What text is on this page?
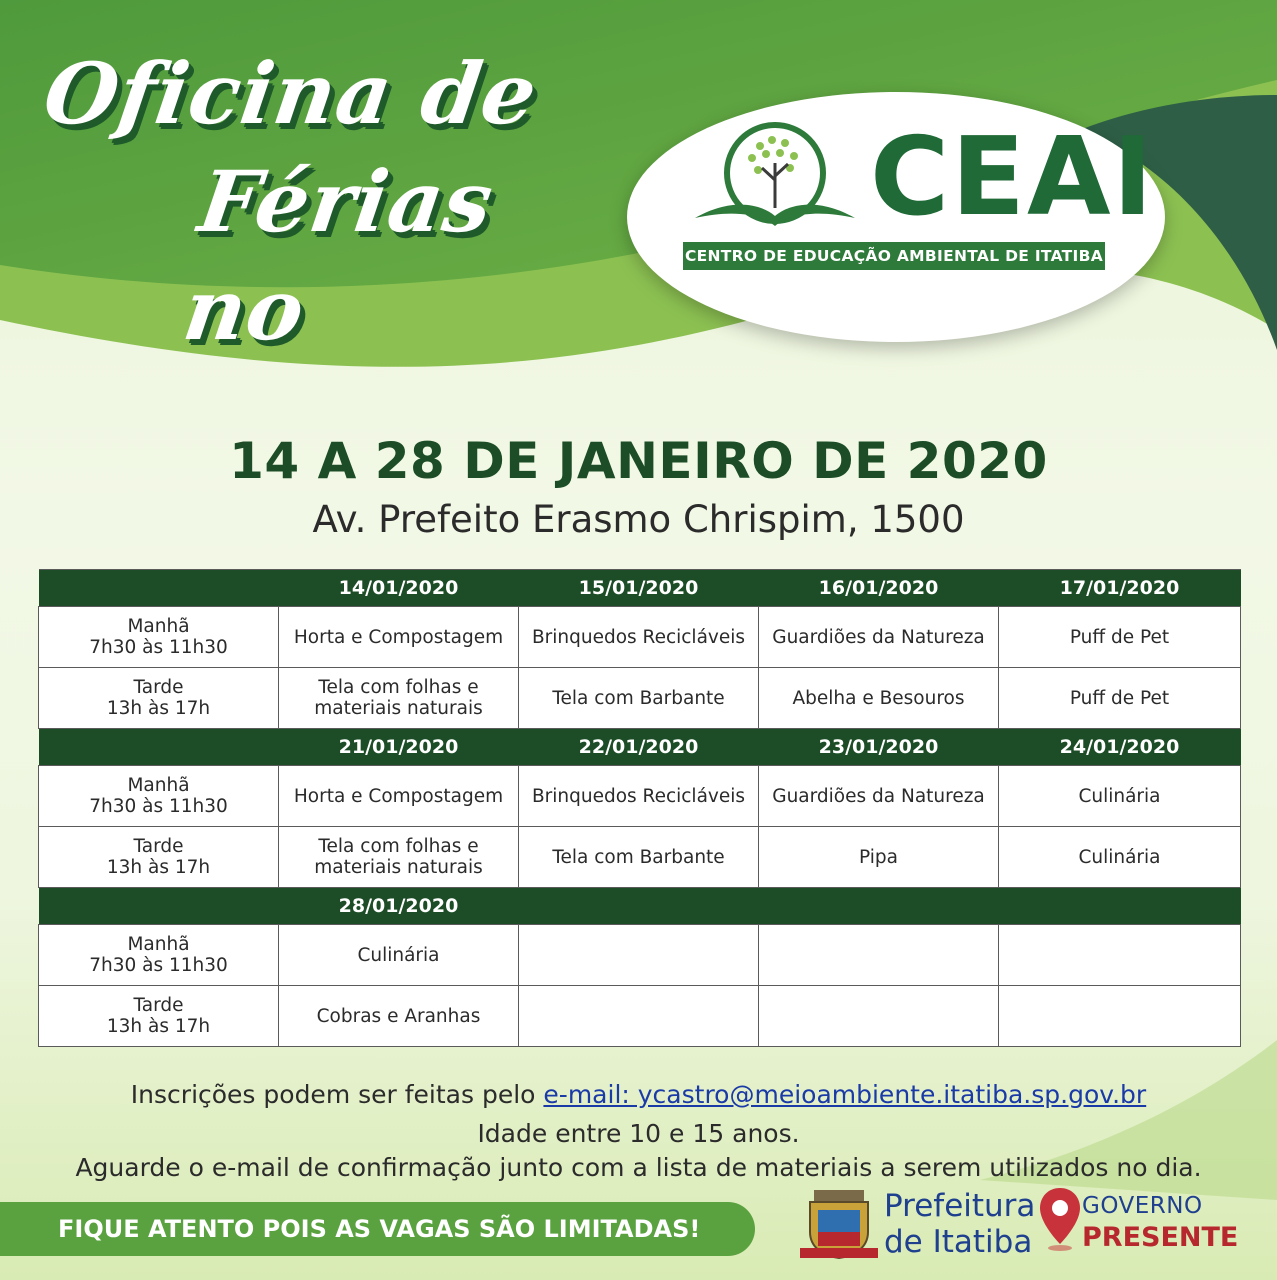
Oficina de
Férias no
CEAI
CENTRO DE EDUCAÇÃO AMBIENTAL DE ITATIBA
14 A 28 DE JANEIRO DE 2020
Av. Prefeito Erasmo Chrispim, 1500
	14/01/2020	15/01/2020	16/01/2020	17/01/2020

Manhã
7h30 às 11h30	Horta e Compostagem	Brinquedos Recicláveis	Guardiões da Natureza	Puff de Pet

Tarde
13h às 17h	Tela com folhas e materiais naturais	Tela com Barbante	Abelha e Besouros	Puff de Pet
	21/01/2020	22/01/2020	23/01/2020	24/01/2020

Manhã
7h30 às 11h30	Horta e Compostagem	Brinquedos Recicláveis	Guardiões da Natureza	Culinária

Tarde
13h às 17h	Tela com folhas e materiais naturais	Tela com Barbante	Pipa	Culinária
	28/01/2020			

Manhã
7h30 às 11h30	Culinária			

Tarde
13h às 17h	Cobras e Aranhas			
Inscrições podem ser feitas pelo e-mail: ycastro@meioambiente.itatiba.sp.gov.br
Idade entre 10 e 15 anos.
Aguarde o e-mail de confirmação junto com a lista de materiais a serem utilizados no dia.
FIQUE ATENTO POIS AS VAGAS SÃO LIMITADAS!
Prefeitura
de Itatiba
GOVERNO
PRESENTE
